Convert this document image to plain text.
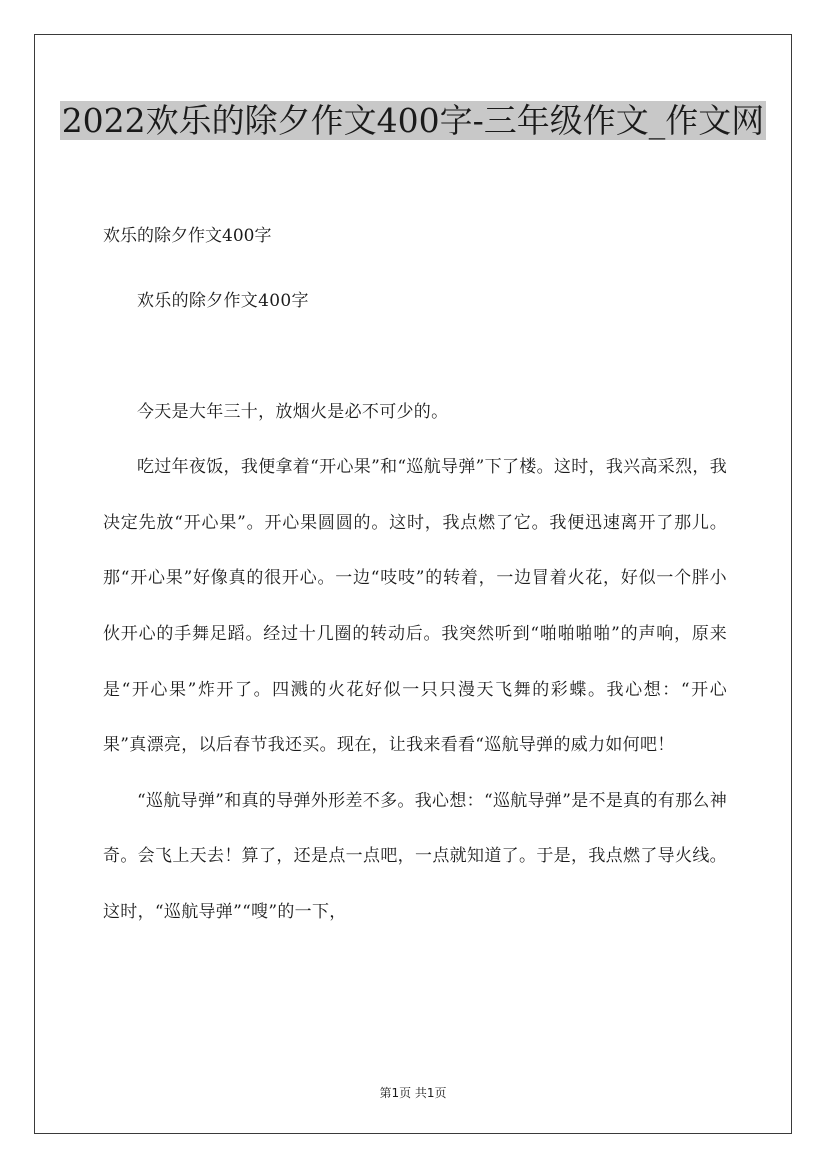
2022欢乐的除夕作文400字-三年级作文_作文网
欢乐的除夕作文400字

欢乐的除夕作文400字

今天是大年三十，放烟火是必不可少的。

吃过年夜饭，我便拿着“开心果”和“巡航导弹”下了楼。这时，我兴高采烈，我决定先放“开心果”。开心果圆圆的。这时，我点燃了它。我便迅速离开了那儿。那“开心果”好像真的很开心。一边“吱吱”的转着，一边冒着火花，好似一个胖小伙开心的手舞足蹈。经过十几圈的转动后。我突然听到“啪啪啪啪”的声响，原来是“开心果”炸开了。四溅的火花好似一只只漫天飞舞的彩蝶。我心想：“开心果”真漂亮，以后春节我还买。现在，让我来看看“巡航导弹的威力如何吧！

“巡航导弹”和真的导弹外形差不多。我心想：“巡航导弹”是不是真的有那么神奇。会飞上天去！算了，还是点一点吧，一点就知道了。于是，我点燃了导火线。这时，“巡航导弹”“嗖”的一下，

第1页 共1页
